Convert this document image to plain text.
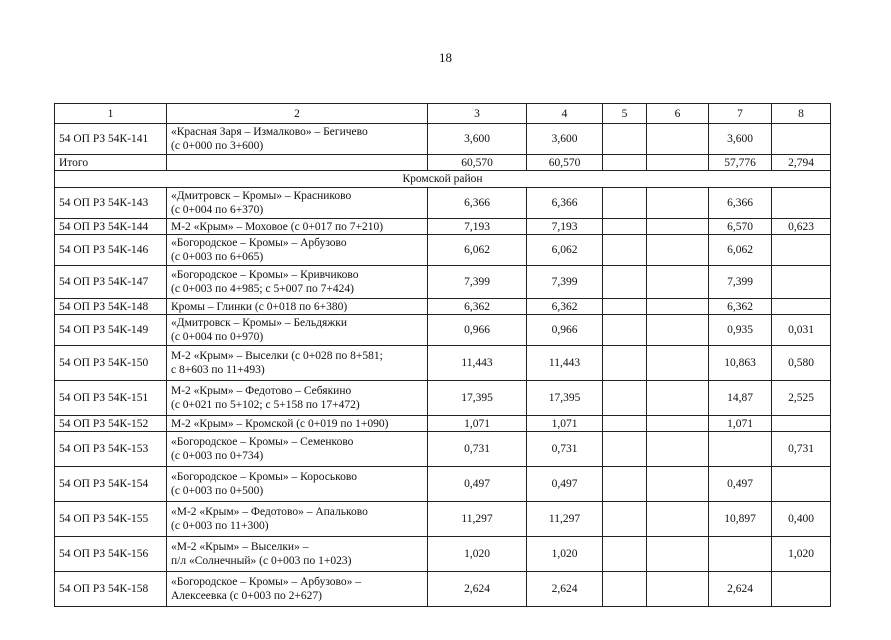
18
1	2	3	4	5	6	7	8
54 ОП РЗ 54К-141	«Красная Заря – Измалково» – Бегичево
(с 0+000 по 3+600)	3,600	3,600			3,600	
Итого		60,570	60,570			57,776	2,794
Кромской район							
54 ОП РЗ 54К-143	«Дмитровск – Кромы» – Красниково
(с 0+004 по 6+370)	6,366	6,366			6,366	
54 ОП РЗ 54К-144	М-2 «Крым» – Моховое (с 0+017 по 7+210)	7,193	7,193			6,570	0,623
54 ОП РЗ 54К-146	«Богородское – Кромы» – Арбузово
(с 0+003 по 6+065)	6,062	6,062			6,062	
54 ОП РЗ 54К-147	«Богородское – Кромы» – Кривчиково
(с 0+003 по 4+985; с 5+007 по 7+424)	7,399	7,399			7,399	
54 ОП РЗ 54К-148	Кромы – Глинки (с 0+018 по 6+380)	6,362	6,362			6,362	
54 ОП РЗ 54К-149	«Дмитровск – Кромы» – Бельдяжки
(с 0+004 по 0+970)	0,966	0,966			0,935	0,031
54 ОП РЗ 54К-150	М-2 «Крым» – Выселки (с 0+028 по 8+581;
с 8+603 по 11+493)	11,443	11,443			10,863	0,580
54 ОП РЗ 54К-151	М-2 «Крым» – Федотово – Себякино
(с 0+021 по 5+102; с 5+158 по 17+472)	17,395	17,395			14,87	2,525
54 ОП РЗ 54К-152	М-2 «Крым» – Кромской (с 0+019 по 1+090)	1,071	1,071			1,071	
54 ОП РЗ 54К-153	«Богородское – Кромы» – Семенково
(с 0+003 по 0+734)	0,731	0,731				0,731
54 ОП РЗ 54К-154	«Богородское – Кромы» – Короськово
(с 0+003 по 0+500)	0,497	0,497			0,497	
54 ОП РЗ 54К-155	«М-2 «Крым» – Федотово» – Апальково
(с 0+003 по 11+300)	11,297	11,297			10,897	0,400
54 ОП РЗ 54К-156	«М-2 «Крым» – Выселки» –
п/л «Солнечный» (с 0+003 по 1+023)	1,020	1,020				1,020
54 ОП РЗ 54К-158	«Богородское – Кромы» – Арбузово» –
Алексеевка (с 0+003 по 2+627)	2,624	2,624			2,624	
